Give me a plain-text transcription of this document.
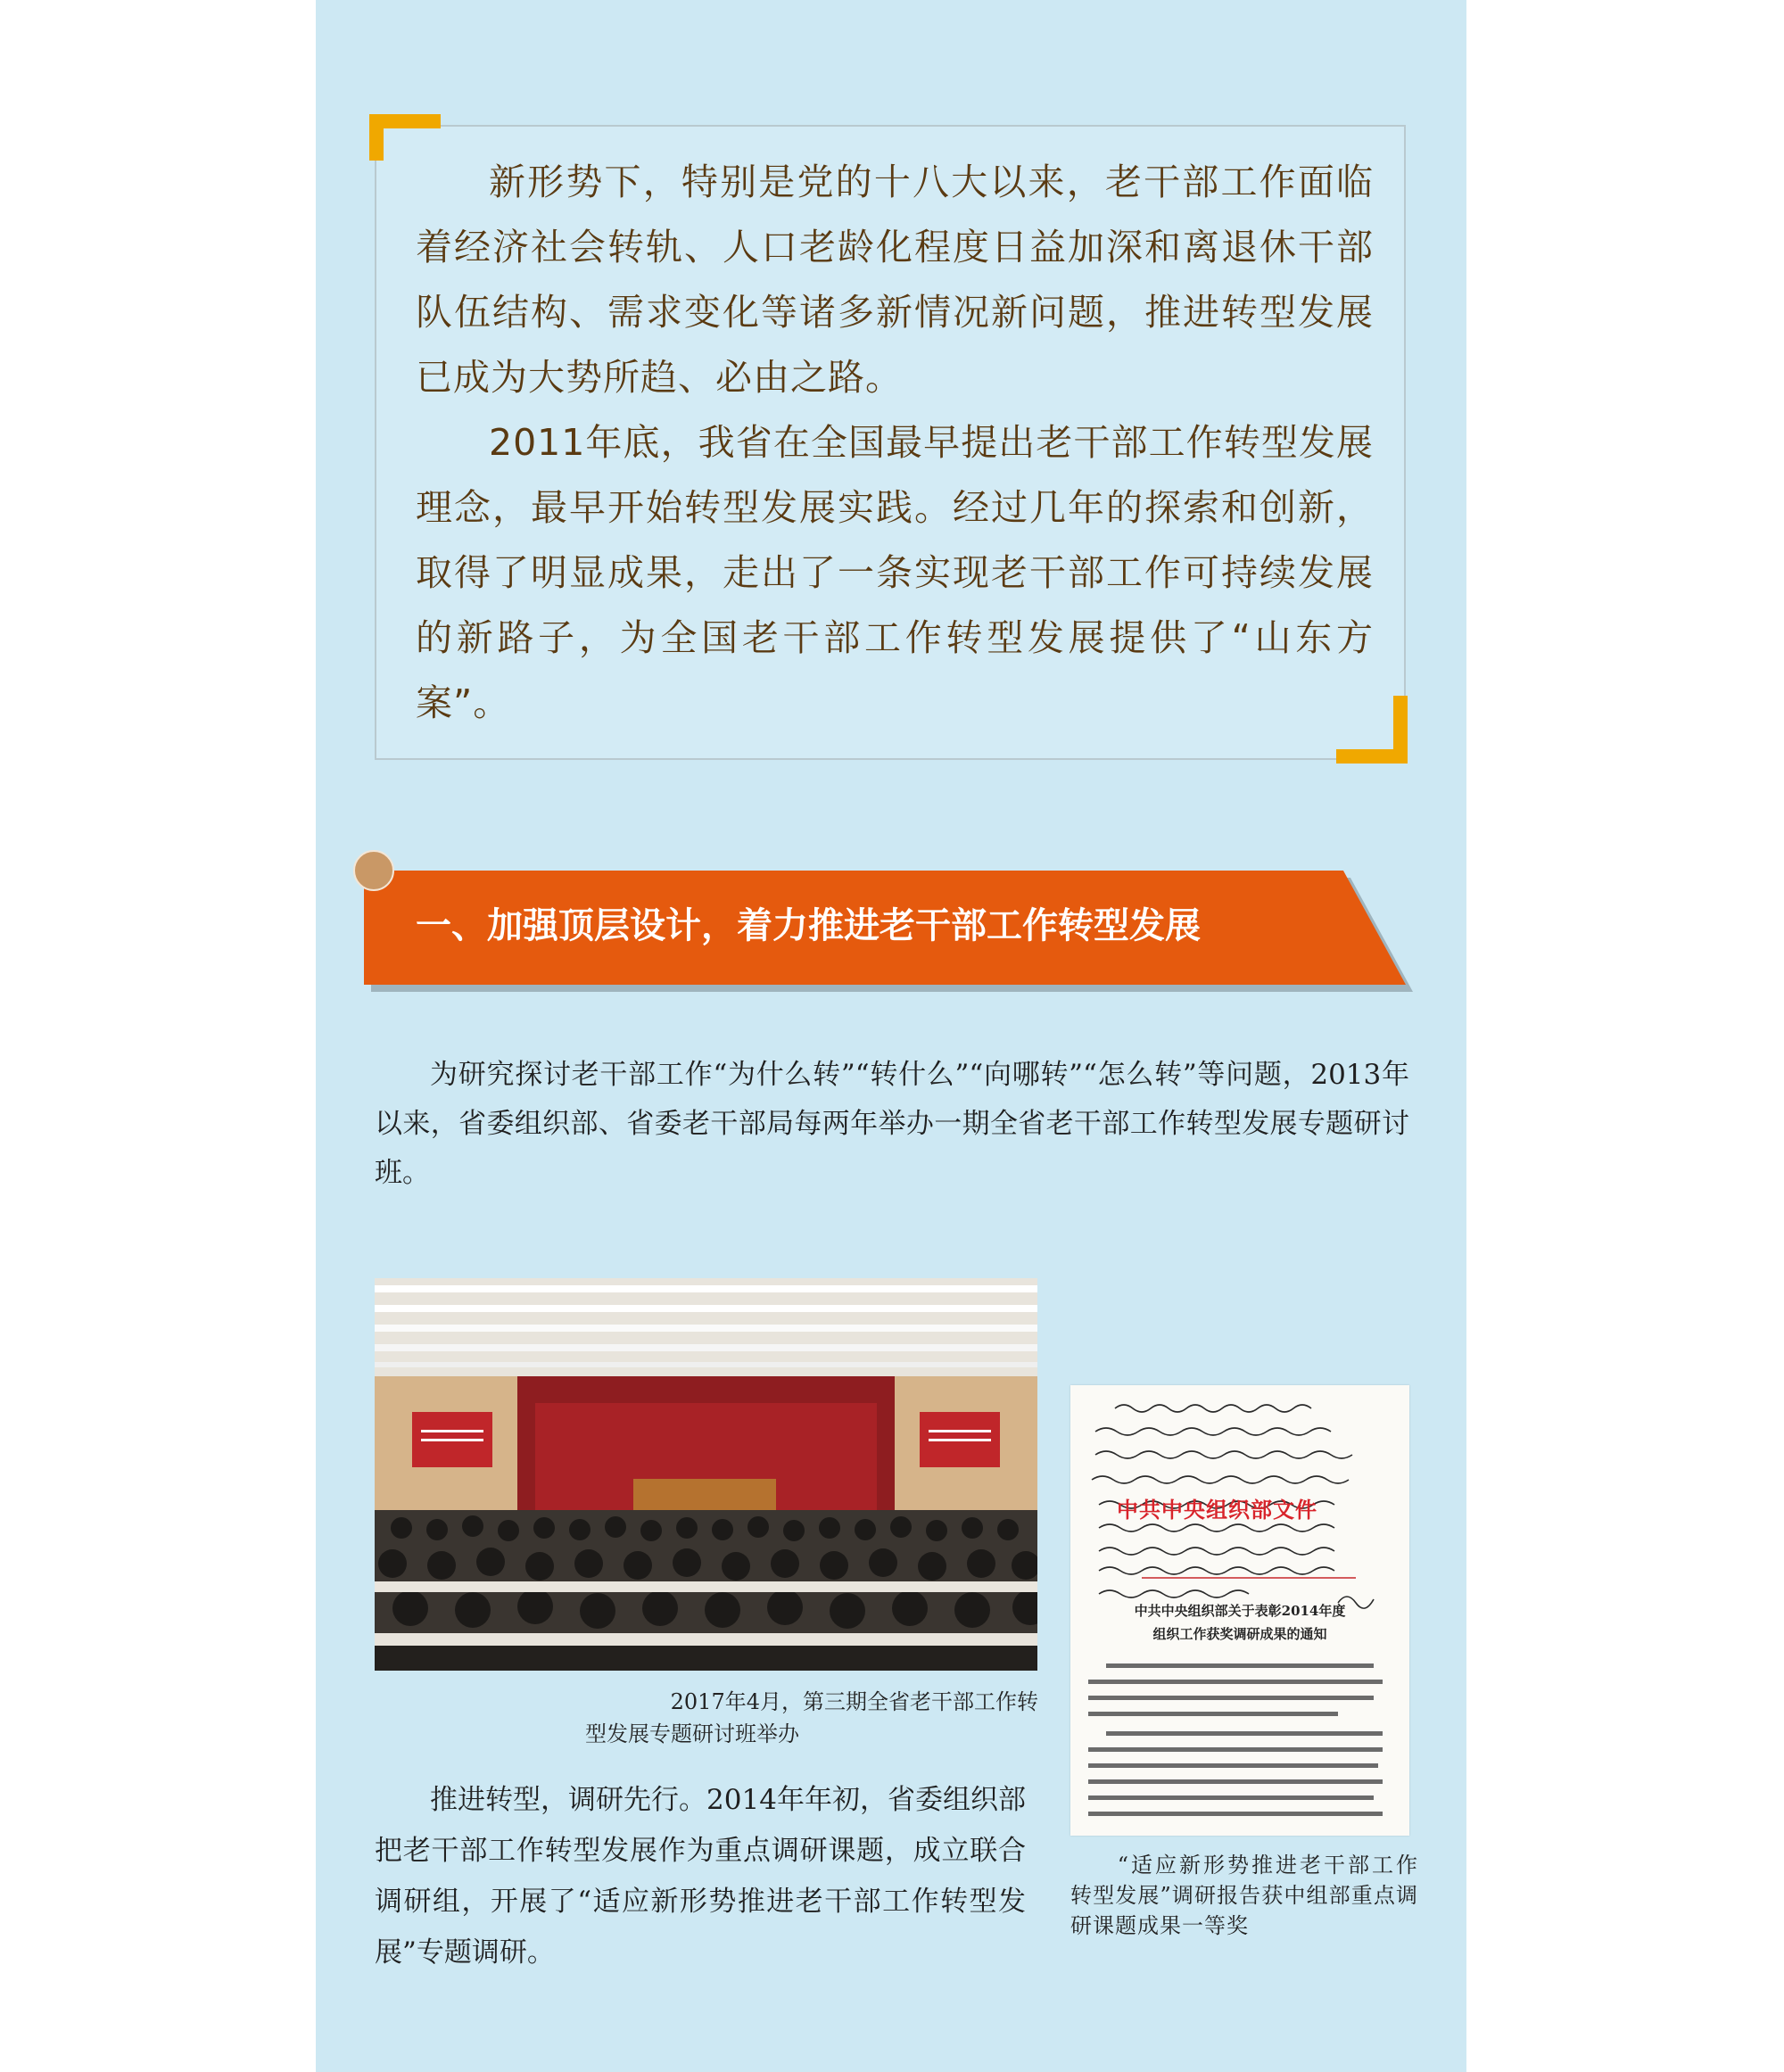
新形势下，特别是党的十八大以来，老干部工作面临着经济社会转轨、人口老龄化程度日益加深和离退休干部队伍结构、需求变化等诸多新情况新问题，推进转型发展已成为大势所趋、必由之路。

2011年底，我省在全国最早提出老干部工作转型发展理念，最早开始转型发展实践。经过几年的探索和创新，取得了明显成果，走出了一条实现老干部工作可持续发展的新路子，为全国老干部工作转型发展提供了“山东方案”。

一、加强顶层设计，着力推进老干部工作转型发展

为研究探讨老干部工作“为什么转”“转什么”“向哪转”“怎么转”等问题，2013年以来，省委组织部、省委老干部局每两年举办一期全省老干部工作转型发展专题研讨班。

2017年4月，第三期全省老干部工作转
型发展专题研讨班举办

推进转型，调研先行。2014年年初，省委组织部把老干部工作转型发展作为重点调研课题，成立联合调研组，开展了“适应新形势推进老干部工作转型发展”专题调研。

中共中央组织部文件
中共中央组织部关于表彰2014年度
组织工作获奖调研成果的通知

“适应新形势推进老干部工作转型发展”调研报告获中组部重点调研课题成果一等奖
